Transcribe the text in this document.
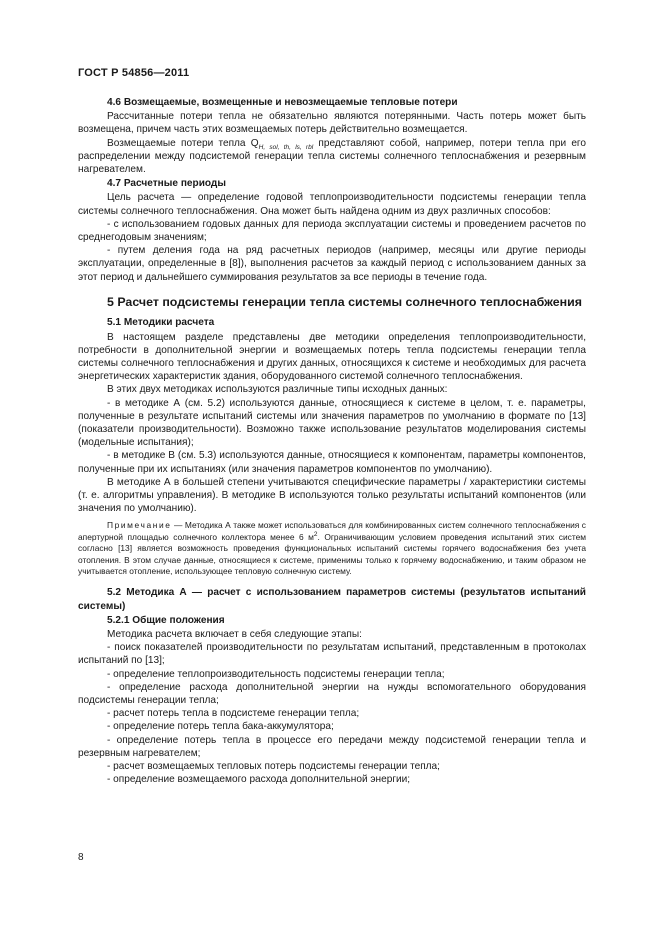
ГОСТ Р 54856—2011

4.6 Возмещаемые, возмещенные и невозмещаемые тепловые потери

Рассчитанные потери тепла не обязательно являются потерянными. Часть потерь может быть возмещена, причем часть этих возмещаемых потерь действительно возмещается.

Возмещаемые потери тепла $Q_{H, sol, th, ls, rbl}$ представляют собой, например, потери тепла при его распределении между подсистемой генерации тепла системы солнечного теплоснабжения и резервным нагревателем.

4.7 Расчетные периоды

Цель расчета — определение годовой теплопроизводительности подсистемы генерации тепла системы солнечного теплоснабжения. Она может быть найдена одним из двух различных способов:

- с использованием годовых данных для периода эксплуатации системы и проведением расчетов по среднегодовым значениям;

- путем деления года на ряд расчетных периодов (например, месяцы или другие периоды эксплуатации, определенные в [8]), выполнения расчетов за каждый период с использованием данных за этот период и дальнейшего суммирования результатов за все периоды в течение года.

5 Расчет подсистемы генерации тепла системы солнечного теплоснабжения

5.1 Методики расчета

В настоящем разделе представлены две методики определения теплопроизводительности, потребности в дополнительной энергии и возмещаемых потерь тепла подсистемы генерации тепла системы солнечного теплоснабжения и других данных, относящихся к системе и необходимых для расчета энергетических характеристик здания, оборудованного системой солнечного теплоснабжения.

В этих двух методиках используются различные типы исходных данных:

- в методике А (см. 5.2) используются данные, относящиеся к системе в целом, т. е. параметры, полученные в результате испытаний системы или значения параметров по умолчанию в формате по [13] (показатели производительности). Возможно также использование результатов моделирования системы (модельные испытания);

- в методике В (см. 5.3) используются данные, относящиеся к компонентам, параметры компонентов, полученные при их испытаниях (или значения параметров компонентов по умолчанию).

В методике А в большей степени учитываются специфические параметры / характеристики системы (т. е. алгоритмы управления). В методике В используются только результаты испытаний компонентов (или значения по умолчанию).

Примечание — Методика А также может использоваться для комбинированных систем солнечного теплоснабжения с апертурной площадью солнечного коллектора менее 6 $м^2$. Ограничивающим условием проведения испытаний этих систем согласно [13] является возможность проведения функциональных испытаний системы горячего водоснабжения без учета отопления. В этом случае данные, относящиеся к системе, применимы только к горячему водоснабжению, и таким образом не учитывается отопление, использующее тепловую солнечную систему.

5.2 Методика А — расчет с использованием параметров системы (результатов испытаний системы)

5.2.1 Общие положения

Методика расчета включает в себя следующие этапы:

- поиск показателей производительности по результатам испытаний, представленным в протоколах испытаний по [13];

- определение теплопроизводительность подсистемы генерации тепла;

- определение расхода дополнительной энергии на нужды вспомогательного оборудования подсистемы генерации тепла;

- расчет потерь тепла в подсистеме генерации тепла;

- определение потерь тепла бака-аккумулятора;

- определение потерь тепла в процессе его передачи между подсистемой генерации тепла и резервным нагревателем;

- расчет возмещаемых тепловых потерь подсистемы генерации тепла;

- определение возмещаемого расхода дополнительной энергии;

8
